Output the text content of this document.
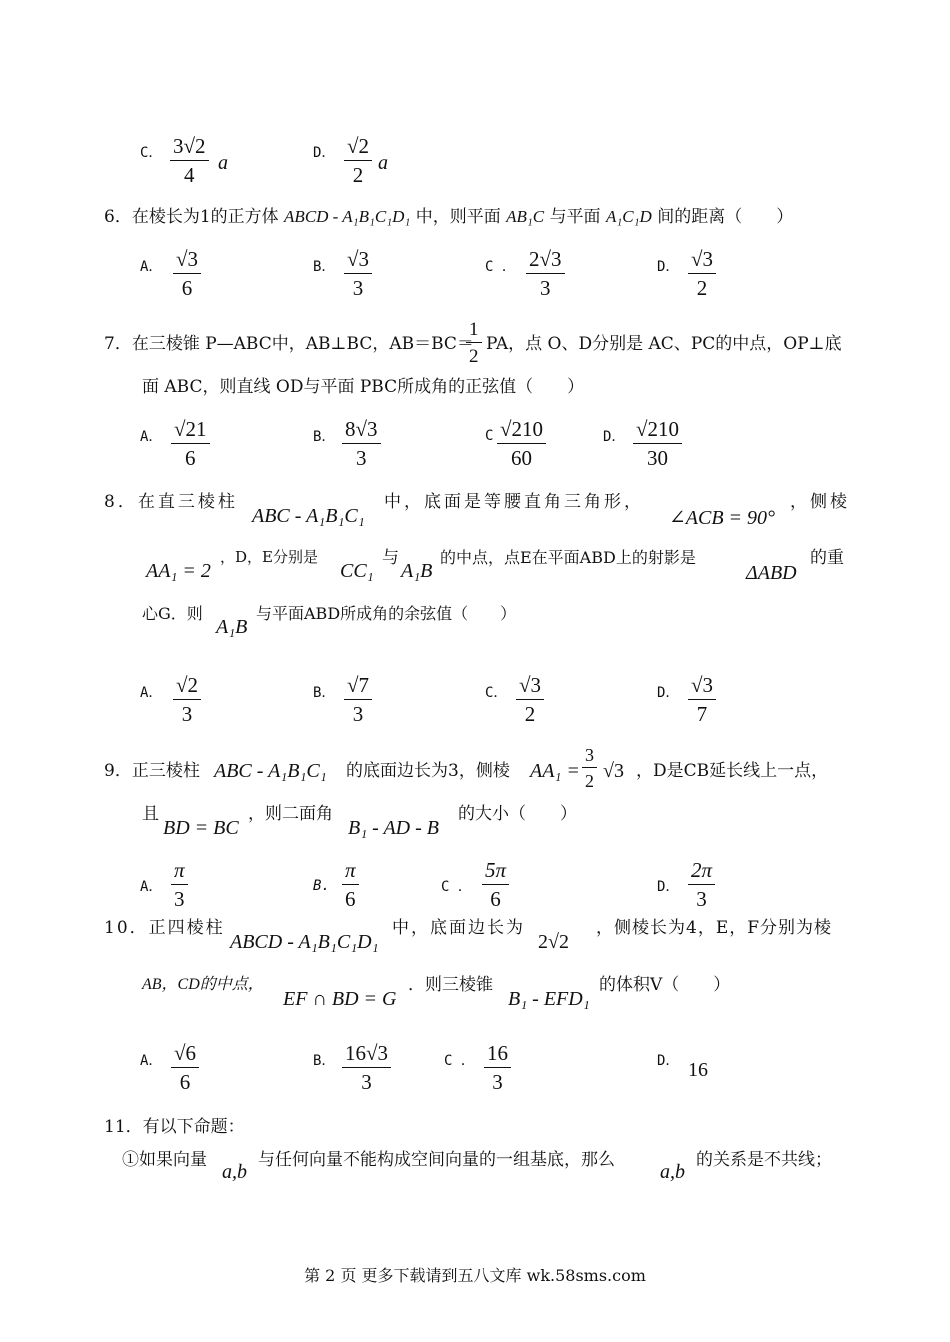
C． $\frac{3√2}{4}$ a	D． $\frac{√2}{2}$ a
6．在棱长为1的正方体 ABCD - A₁B₁C₁D₁ 中，则平面 AB₁C 与平面 A₁C₁D 间的距离（　　）
A． $\frac{√3}{6}$	B． $\frac{√3}{3}$	C ． $\frac{2√3}{3}$	D． $\frac{√3}{2}$
7．在三棱锥 P—ABC中，AB⊥BC，AB＝BC＝
$\frac{1}{2}$ PA，点 O、D分别是 AC、PC的中点，OP⊥底
面 ABC，则直线 OD与平面 PBC所成角的正弦值（　　）
A． $\frac{√21}{6}$	B． $\frac{8√3}{3}$	C $\frac{√210}{60}$	D． $\frac{√210}{30}$
8．在直三棱柱
ABC - A₁B₁C₁
中，底面是等腰直角三角形，
∠ACB = 90°
，侧棱
AA₁ = 2
，D，E分别是
CC₁
与
A₁B
的中点，点E在平面ABD上的射影是
ΔABD
的重
心G．则
A₁B
与平面ABD所成角的余弦值（　　）
A． $\frac{√2}{3}$	B． $\frac{√7}{3}$	C． $\frac{√3}{2}$	D． $\frac{√3}{7}$
9．正三棱柱 ABC - A₁B₁C₁ 的底面边长为3，侧棱 $AA_1 = \frac{3}{2} √3$ ，D是CB延长线上一点，
且
BD = BC
，则二面角
B₁ - AD - B
的大小（　　）
A． $\frac{\pi}{3}$	B. $\frac{\pi}{6}$	C ． $\frac{5\pi}{6}$	D． $\frac{2\pi}{3}$
10．正四棱柱
ABCD - A₁B₁C₁D₁
中，底面边长为
2√2
，侧棱长为4，E，F分别为棱
AB，CD的中点，
EF ∩ BD = G
．则三棱锥
B₁ - EFD₁
的体积V（　　）
A． $\frac{√6}{6}$	B． $\frac{16√3}{3}$	C ． $\frac{16}{3}$	D． 16
11．有以下命题：
①如果向量
a,b
与任何向量不能构成空间向量的一组基底，那么
a,b
的关系是不共线；
第 2 页 更多下载请到五八文库 wk.58sms.com
